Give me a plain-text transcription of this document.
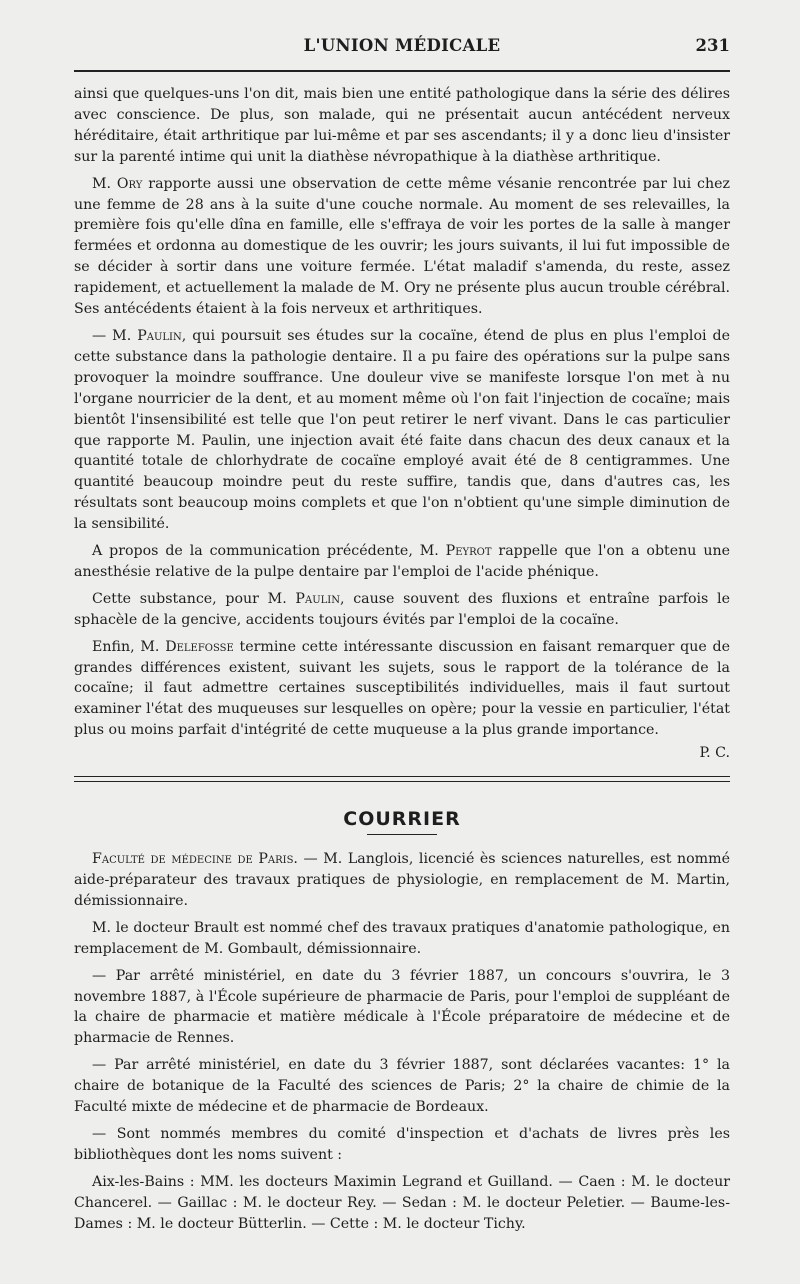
L'UNION MÉDICALE	231

ainsi que quelques-uns l'on dit, mais bien une entité pathologique dans la série des délires avec conscience. De plus, son malade, qui ne présentait aucun antécédent nerveux héréditaire, était arthritique par lui-même et par ses ascendants; il y a donc lieu d'insister sur la parenté intime qui unit la diathèse névropathique à la diathèse arthritique.

M. Ory rapporte aussi une observation de cette même vésanie rencontrée par lui chez une femme de 28 ans à la suite d'une couche normale. Au moment de ses relevailles, la première fois qu'elle dîna en famille, elle s'effraya de voir les portes de la salle à manger fermées et ordonna au domestique de les ouvrir; les jours suivants, il lui fut impossible de se décider à sortir dans une voiture fermée. L'état maladif s'amenda, du reste, assez rapidement, et actuellement la malade de M. Ory ne présente plus aucun trouble cérébral. Ses antécédents étaient à la fois nerveux et arthritiques.

— M. Paulin, qui poursuit ses études sur la cocaïne, étend de plus en plus l'emploi de cette substance dans la pathologie dentaire. Il a pu faire des opérations sur la pulpe sans provoquer la moindre souffrance. Une douleur vive se manifeste lorsque l'on met à nu l'organe nourricier de la dent, et au moment même où l'on fait l'injection de cocaïne; mais bientôt l'insensibilité est telle que l'on peut retirer le nerf vivant. Dans le cas particulier que rapporte M. Paulin, une injection avait été faite dans chacun des deux canaux et la quantité totale de chlorhydrate de cocaïne employé avait été de 8 centigrammes. Une quantité beaucoup moindre peut du reste suffire, tandis que, dans d'autres cas, les résultats sont beaucoup moins complets et que l'on n'obtient qu'une simple diminution de la sensibilité.

A propos de la communication précédente, M. Peyrot rappelle que l'on a obtenu une anesthésie relative de la pulpe dentaire par l'emploi de l'acide phénique.

Cette substance, pour M. Paulin, cause souvent des fluxions et entraîne parfois le sphacèle de la gencive, accidents toujours évités par l'emploi de la cocaïne.

Enfin, M. Delefosse termine cette intéressante discussion en faisant remarquer que de grandes différences existent, suivant les sujets, sous le rapport de la tolérance de la cocaïne; il faut admettre certaines susceptibilités individuelles, mais il faut surtout examiner l'état des muqueuses sur lesquelles on opère; pour la vessie en particulier, l'état plus ou moins parfait d'intégrité de cette muqueuse a la plus grande importance.

P. C.
COURRIER

Faculté de médecine de Paris. — M. Langlois, licencié ès sciences naturelles, est nommé aide-préparateur des travaux pratiques de physiologie, en remplacement de M. Martin, démissionnaire.

M. le docteur Brault est nommé chef des travaux pratiques d'anatomie pathologique, en remplacement de M. Gombault, démissionnaire.

— Par arrêté ministériel, en date du 3 février 1887, un concours s'ouvrira, le 3 novembre 1887, à l'École supérieure de pharmacie de Paris, pour l'emploi de suppléant de la chaire de pharmacie et matière médicale à l'École préparatoire de médecine et de pharmacie de Rennes.

— Par arrêté ministériel, en date du 3 février 1887, sont déclarées vacantes: 1° la chaire de botanique de la Faculté des sciences de Paris; 2° la chaire de chimie de la Faculté mixte de médecine et de pharmacie de Bordeaux.

— Sont nommés membres du comité d'inspection et d'achats de livres près les bibliothèques dont les noms suivent :

Aix-les-Bains : MM. les docteurs Maximin Legrand et Guilland. — Caen : M. le docteur Chancerel. — Gaillac : M. le docteur Rey. — Sedan : M. le docteur Peletier. — Baume-les-Dames : M. le docteur Bütterlin. — Cette : M. le docteur Tichy.
